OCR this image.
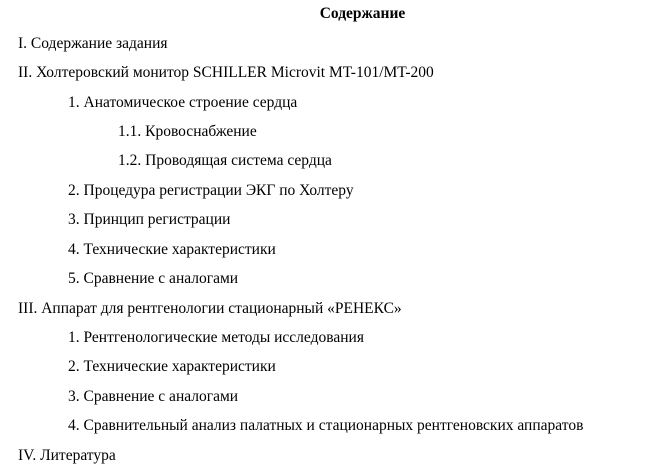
Содержание
I. Содержание задания
II. Холтеровский монитор SCHILLER Microvit MT-101/MT-200
1. Анатомическое строение сердца
1.1. Кровоснабжение
1.2. Проводящая система сердца
2. Процедура регистрации ЭКГ по Холтеру
3. Принцип регистрации
4. Технические характеристики
5. Сравнение с аналогами
III. Аппарат для рентгенологии стационарный «РЕНЕКС»
1. Рентгенологические методы исследования
2. Технические характеристики
3. Сравнение с аналогами
4. Сравнительный анализ палатных и стационарных рентгеновских аппаратов
IV. Литература
